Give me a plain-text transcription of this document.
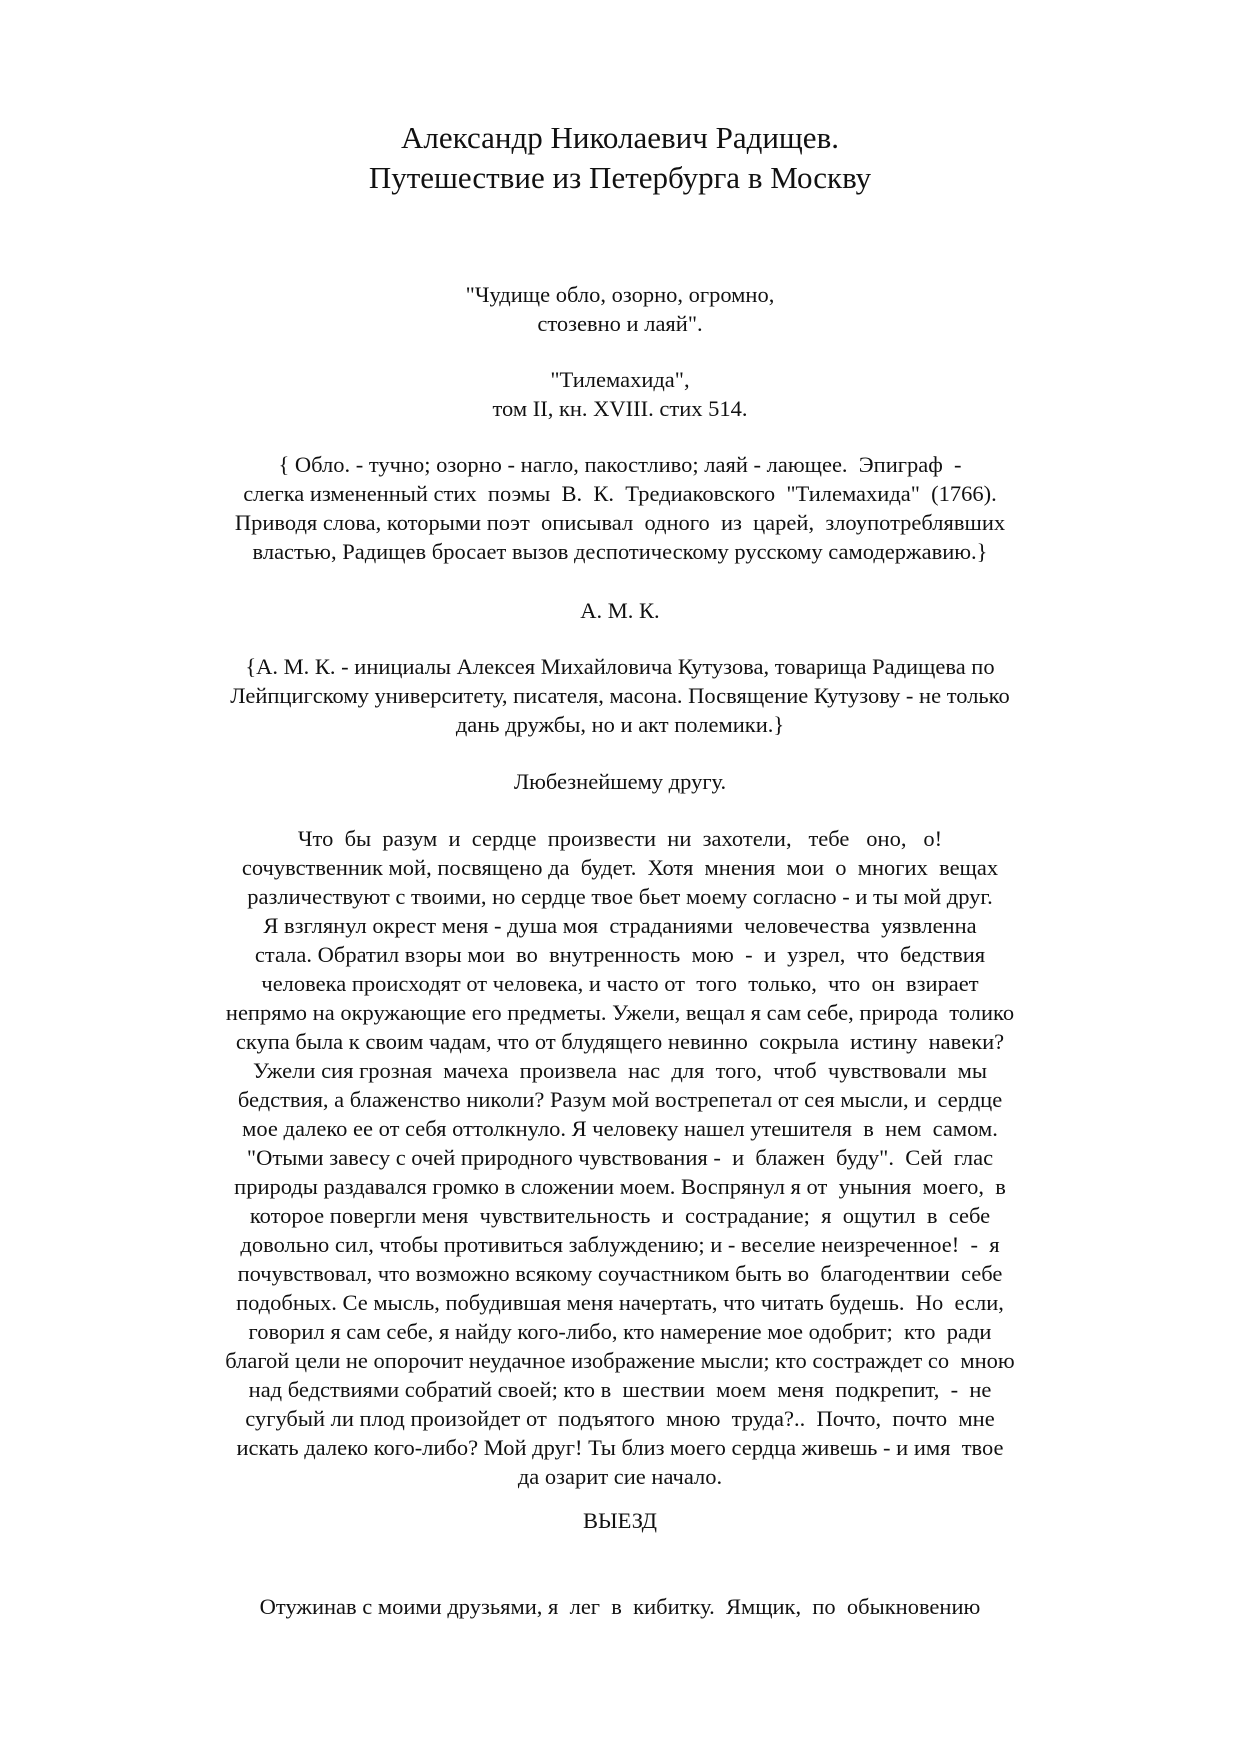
Александр Николаевич Радищев.
Путешествие из Петербурга в Москву
"Чудище обло, озорно, огромно,
стозевно и лаяй".
"Тилемахида",
том II, кн. XVIII. стих 514.
{ Обло. - тучно; озорно - нагло, пакостливо; лаяй - лающее.  Эпиграф  -
слегка измененный стих  поэмы  В.  К.  Тредиаковского  "Тилемахида"  (1766).
Приводя слова, которыми поэт  описывал  одного  из  царей,  злоупотреблявших
властью, Радищев бросает вызов деспотическому русскому самодержавию.}
А. М. К.
{А. М. К. - инициалы Алексея Михайловича Кутузова, товарища Радищева по
Лейпцигскому университету, писателя, масона. Посвящение Кутузову - не только
дань дружбы, но и акт полемики.}
Любезнейшему другу.
Что  бы  разум  и  сердце  произвести  ни  захотели,   тебе   оно,   о!
сочувственник мой, посвящено да  будет.  Хотя  мнения  мои  о  многих  вещах
различествуют с твоими, но сердце твое бьет моему согласно - и ты мой друг.
Я взглянул окрест меня - душа моя  страданиями  человечества  уязвленна
стала. Обратил взоры мои  во  внутренность  мою  -  и  узрел,  что  бедствия
человека происходят от человека, и часто от  того  только,  что  он  взирает
непрямо на окружающие его предметы. Ужели, вещал я сам себе, природа  толико
скупа была к своим чадам, что от блудящего невинно  сокрыла  истину  навеки?
Ужели сия грозная  мачеха  произвела  нас  для  того,  чтоб  чувствовали  мы
бедствия, а блаженство николи? Разум мой вострепетал от сея мысли, и  сердце
мое далеко ее от себя оттолкнуло. Я человеку нашел утешителя  в  нем  самом.
"Отыми завесу с очей природного чувствования -  и  блажен  буду".  Сей  глас
природы раздавался громко в сложении моем. Воспрянул я от  уныния  моего,  в
которое повергли меня  чувствительность  и  сострадание;  я  ощутил  в  себе
довольно сил, чтобы противиться заблуждению; и - веселие неизреченное!  -  я
почувствовал, что возможно всякому соучастником быть во  благодентвии  себе
подобных. Се мысль, побудившая меня начертать, что читать будешь.  Но  если,
говорил я сам себе, я найду кого-либо, кто намерение мое одобрит;  кто  ради
благой цели не опорочит неудачное изображение мысли; кто состраждет со  мною
над бедствиями собратий своей; кто в  шествии  моем  меня  подкрепит,  -  не
сугубый ли плод произойдет от  подъятого  мною  труда?..  Почто,  почто  мне
искать далеко кого-либо? Мой друг! Ты близ моего сердца живешь - и имя  твое
да озарит сие начало.
ВЫЕЗД
Отужинав с моими друзьями, я  лег  в  кибитку.  Ямщик,  по  обыкновению
